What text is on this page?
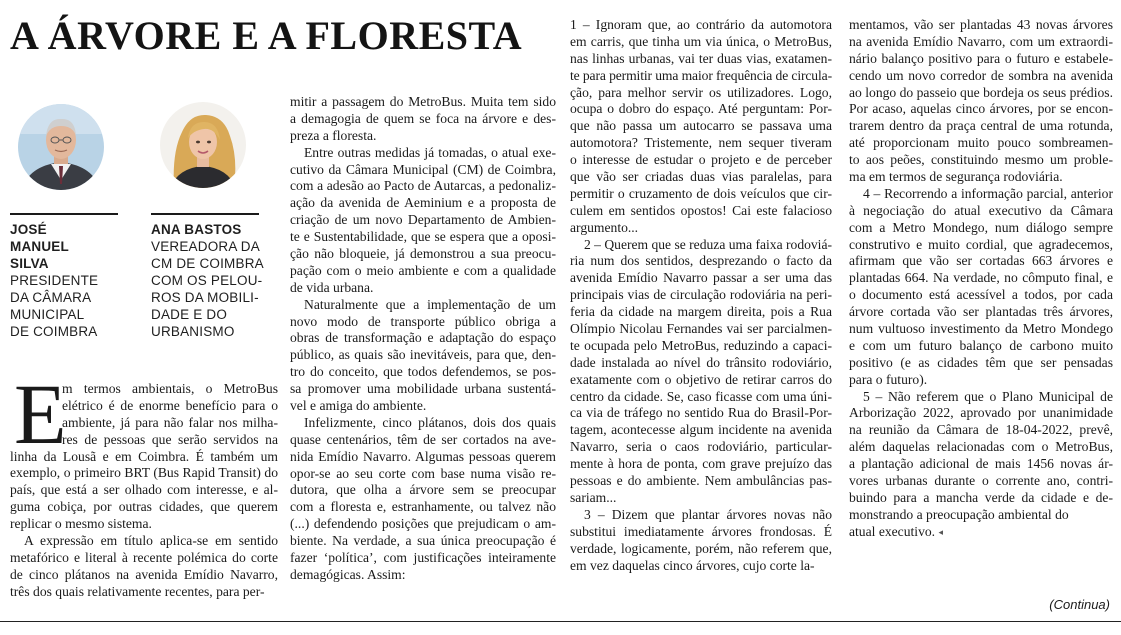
A ÁRVORE E A FLORESTA
JOSÉ
MANUEL
SILVA
PRESIDENTE
DA CÂMARA
MUNICIPAL
DE COIMBRA
ANA BASTOS
VEREADORA DA
CM DE COIMBRA
COM OS PELOU-
ROS DA MOBILI-
DADE E DO
URBANISMO
E
m termos ambientais, o MetroBus
elétrico é de enorme benefício para o
ambiente, já para não falar nos milha-
res de pessoas que serão servidos na
linha da Lousã e em Coimbra. É também um
exemplo, o primeiro BRT (Bus Rapid Transit) do
país, que está a ser olhado com interesse, e al-
guma cobiça, por outras cidades, que querem
replicar o mesmo sistema.
A expressão em título aplica-se em sentido
metafórico e literal à recente polémica do corte
de cinco plátanos na avenida Emídio Navarro,
três dos quais relativamente recentes, para per-
mitir a passagem do MetroBus. Muita tem sido
a demagogia de quem se foca na árvore e des-
preza a floresta.
Entre outras medidas já tomadas, o atual exe-
cutivo da Câmara Municipal (CM) de Coimbra,
com a adesão ao Pacto de Autarcas, a pedonaliz-
ação da avenida de Aeminium e a proposta de
criação de um novo Departamento de Ambien-
te e Sustentabilidade, que se espera que a oposi-
ção não bloqueie, já demonstrou a sua preocu-
pação com o meio ambiente e com a qualidade
de vida urbana.
Naturalmente que a implementação de um
novo modo de transporte público obriga a
obras de transformação e adaptação do espaço
público, as quais são inevitáveis, para que, den-
tro do conceito, que todos defendemos, se pos-
sa promover uma mobilidade urbana sustentá-
vel e amiga do ambiente.
Infelizmente, cinco plátanos, dois dos quais
quase centenários, têm de ser cortados na ave-
nida Emídio Navarro. Algumas pessoas querem
opor-se ao seu corte com base numa visão re-
dutora, que olha a árvore sem se preocupar
com a floresta e, estranhamente, ou talvez não
(...) defendendo posições que prejudicam o am-
biente. Na verdade, a sua única preocupação é
fazer ‘política’, com justificações inteiramente
demagógicas. Assim:
1 – Ignoram que, ao contrário da automotora
em carris, que tinha um via única, o MetroBus,
nas linhas urbanas, vai ter duas vias, exatamen-
te para permitir uma maior frequência de circula-
ção, para melhor servir os utilizadores. Logo,
ocupa o dobro do espaço. Até perguntam: Por-
que não passa um autocarro se passava uma
automotora? Tristemente, nem sequer tiveram
o interesse de estudar o projeto e de perceber
que vão ser criadas duas vias paralelas, para
permitir o cruzamento de dois veículos que cir-
culem em sentidos opostos! Cai este falacioso
argumento...
2 – Querem que se reduza uma faixa rodoviá-
ria num dos sentidos, desprezando o facto da
avenida Emídio Navarro passar a ser uma das
principais vias de circulação rodoviária na peri-
feria da cidade na margem direita, pois a Rua
Olímpio Nicolau Fernandes vai ser parcialmen-
te ocupada pelo MetroBus, reduzindo a capaci-
dade instalada ao nível do trânsito rodoviário,
exatamente com o objetivo de retirar carros do
centro da cidade. Se, caso ficasse com uma úni-
ca via de tráfego no sentido Rua do Brasil-Por-
tagem, acontecesse algum incidente na avenida
Navarro, seria o caos rodoviário, particular-
mente à hora de ponta, com grave prejuízo das
pessoas e do ambiente. Nem ambulâncias pas-
sariam...
3 – Dizem que plantar árvores novas não
substitui imediatamente árvores frondosas. É
verdade, logicamente, porém, não referem que,
em vez daquelas cinco árvores, cujo corte la-
mentamos, vão ser plantadas 43 novas árvores
na avenida Emídio Navarro, com um extraordi-
nário balanço positivo para o futuro e estabele-
cendo um novo corredor de sombra na avenida
ao longo do passeio que bordeja os seus prédios.
Por acaso, aquelas cinco árvores, por se encon-
trarem dentro da praça central de uma rotunda,
até proporcionam muito pouco sombreamen-
to aos peões, constituindo mesmo um proble-
ma em termos de segurança rodoviária.
4 – Recorrendo a informação parcial, anterior
à negociação do atual executivo da Câmara
com a Metro Mondego, num diálogo sempre
construtivo e muito cordial, que agradecemos,
afirmam que vão ser cortadas 663 árvores e
plantadas 664. Na verdade, no cômputo final, e
o documento está acessível a todos, por cada
árvore cortada vão ser plantadas três árvores,
num vultuoso investimento da Metro Mondego
e com um futuro balanço de carbono muito
positivo (e as cidades têm que ser pensadas
para o futuro).
5 – Não referem que o Plano Municipal de
Arborização 2022, aprovado por unanimidade
na reunião da Câmara de 18-04-2022, prevê,
além daquelas relacionadas com o MetroBus,
a plantação adicional de mais 1456 novas ár-
vores urbanas durante o corrente ano, contri-
buindo para a mancha verde da cidade e de-
monstrando a preocupação ambiental do
atual executivo. ◂
(Continua)
